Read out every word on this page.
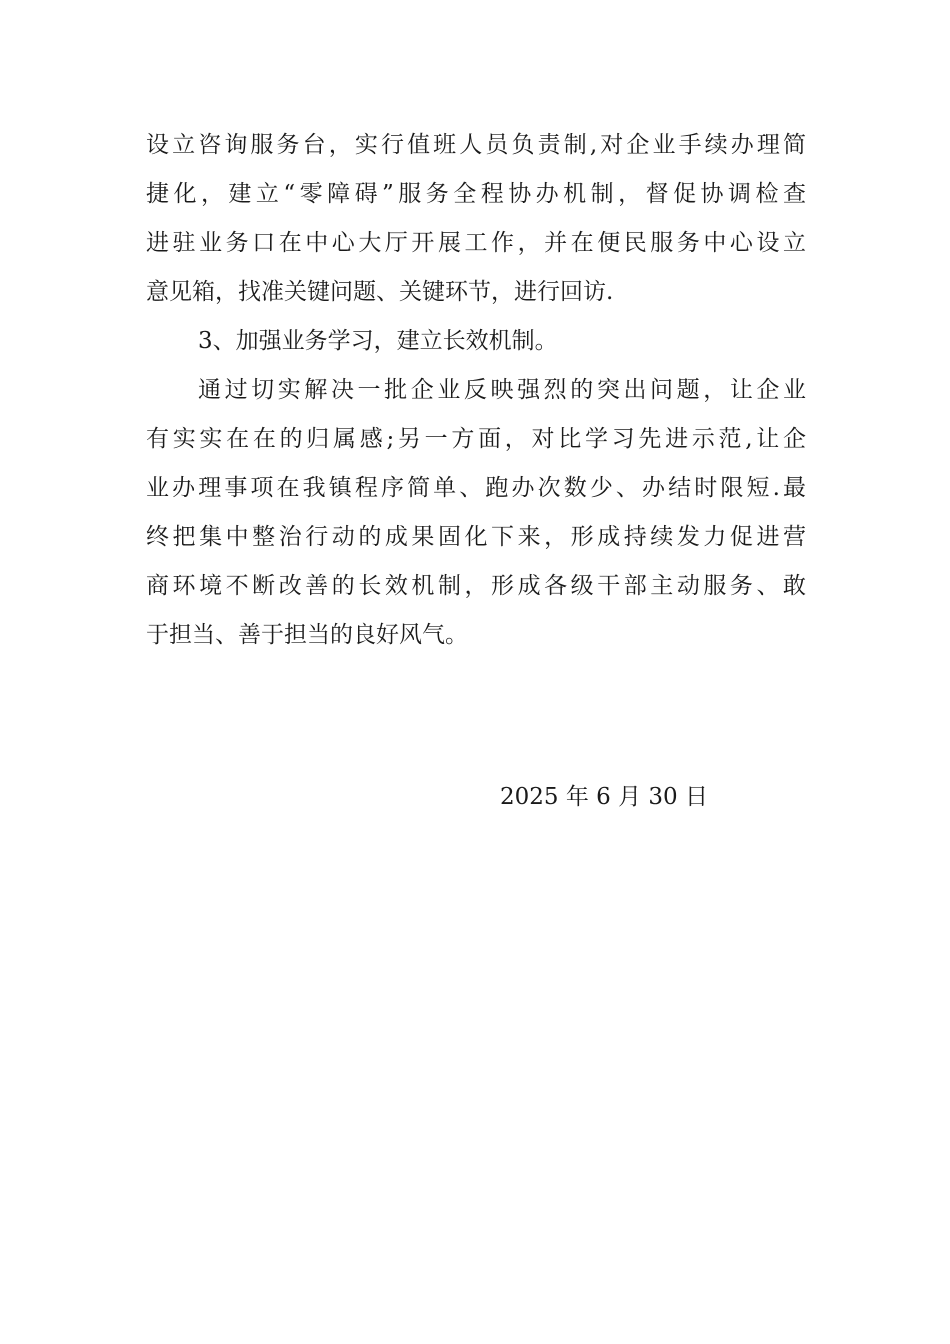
设立咨询服务台，实行值班人员负责制,对企业手续办理简
捷化，建立“零障碍”服务全程协办机制，督促协调检查
进驻业务口在中心大厅开展工作，并在便民服务中心设立
意见箱，找准关键问题、关键环节，进行回访.
3、加强业务学习，建立长效机制。
通过切实解决一批企业反映强烈的突出问题，让企业
有实实在在的归属感;另一方面，对比学习先进示范,让企
业办理事项在我镇程序简单、跑办次数少、办结时限短.最
终把集中整治行动的成果固化下来，形成持续发力促进营
商环境不断改善的长效机制，形成各级干部主动服务、敢
于担当、善于担当的良好风气。
2025 年 6 月 30 日
